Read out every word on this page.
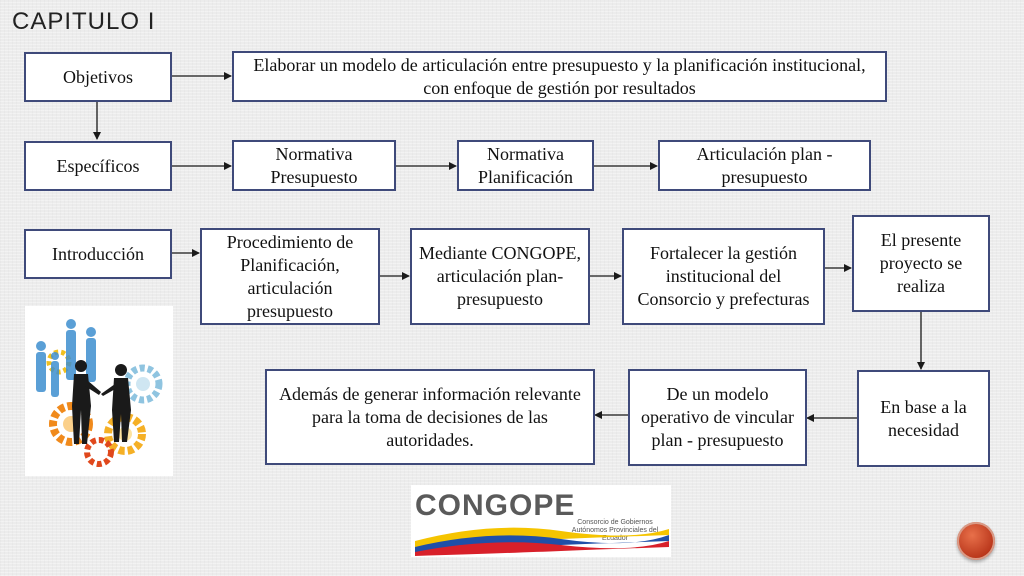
CAPITULO I
Objetivos
Elaborar un modelo de articulación entre presupuesto y la planificación institucional, con enfoque de gestión por resultados
Específicos
Normativa Presupuesto
Normativa Planificación
Articulación plan - presupuesto
Introducción
Procedimiento de Planificación, articulación presupuesto
Mediante CONGOPE, articulación plan-presupuesto
Fortalecer la gestión institucional del Consorcio y prefecturas
El presente proyecto se realiza
Además de generar información relevante para la toma de decisiones de las autoridades.
De un modelo operativo de vincular plan - presupuesto
En base a la necesidad
CONGOPE
Consorcio de Gobiernos Autónomos Provinciales del Ecuador
